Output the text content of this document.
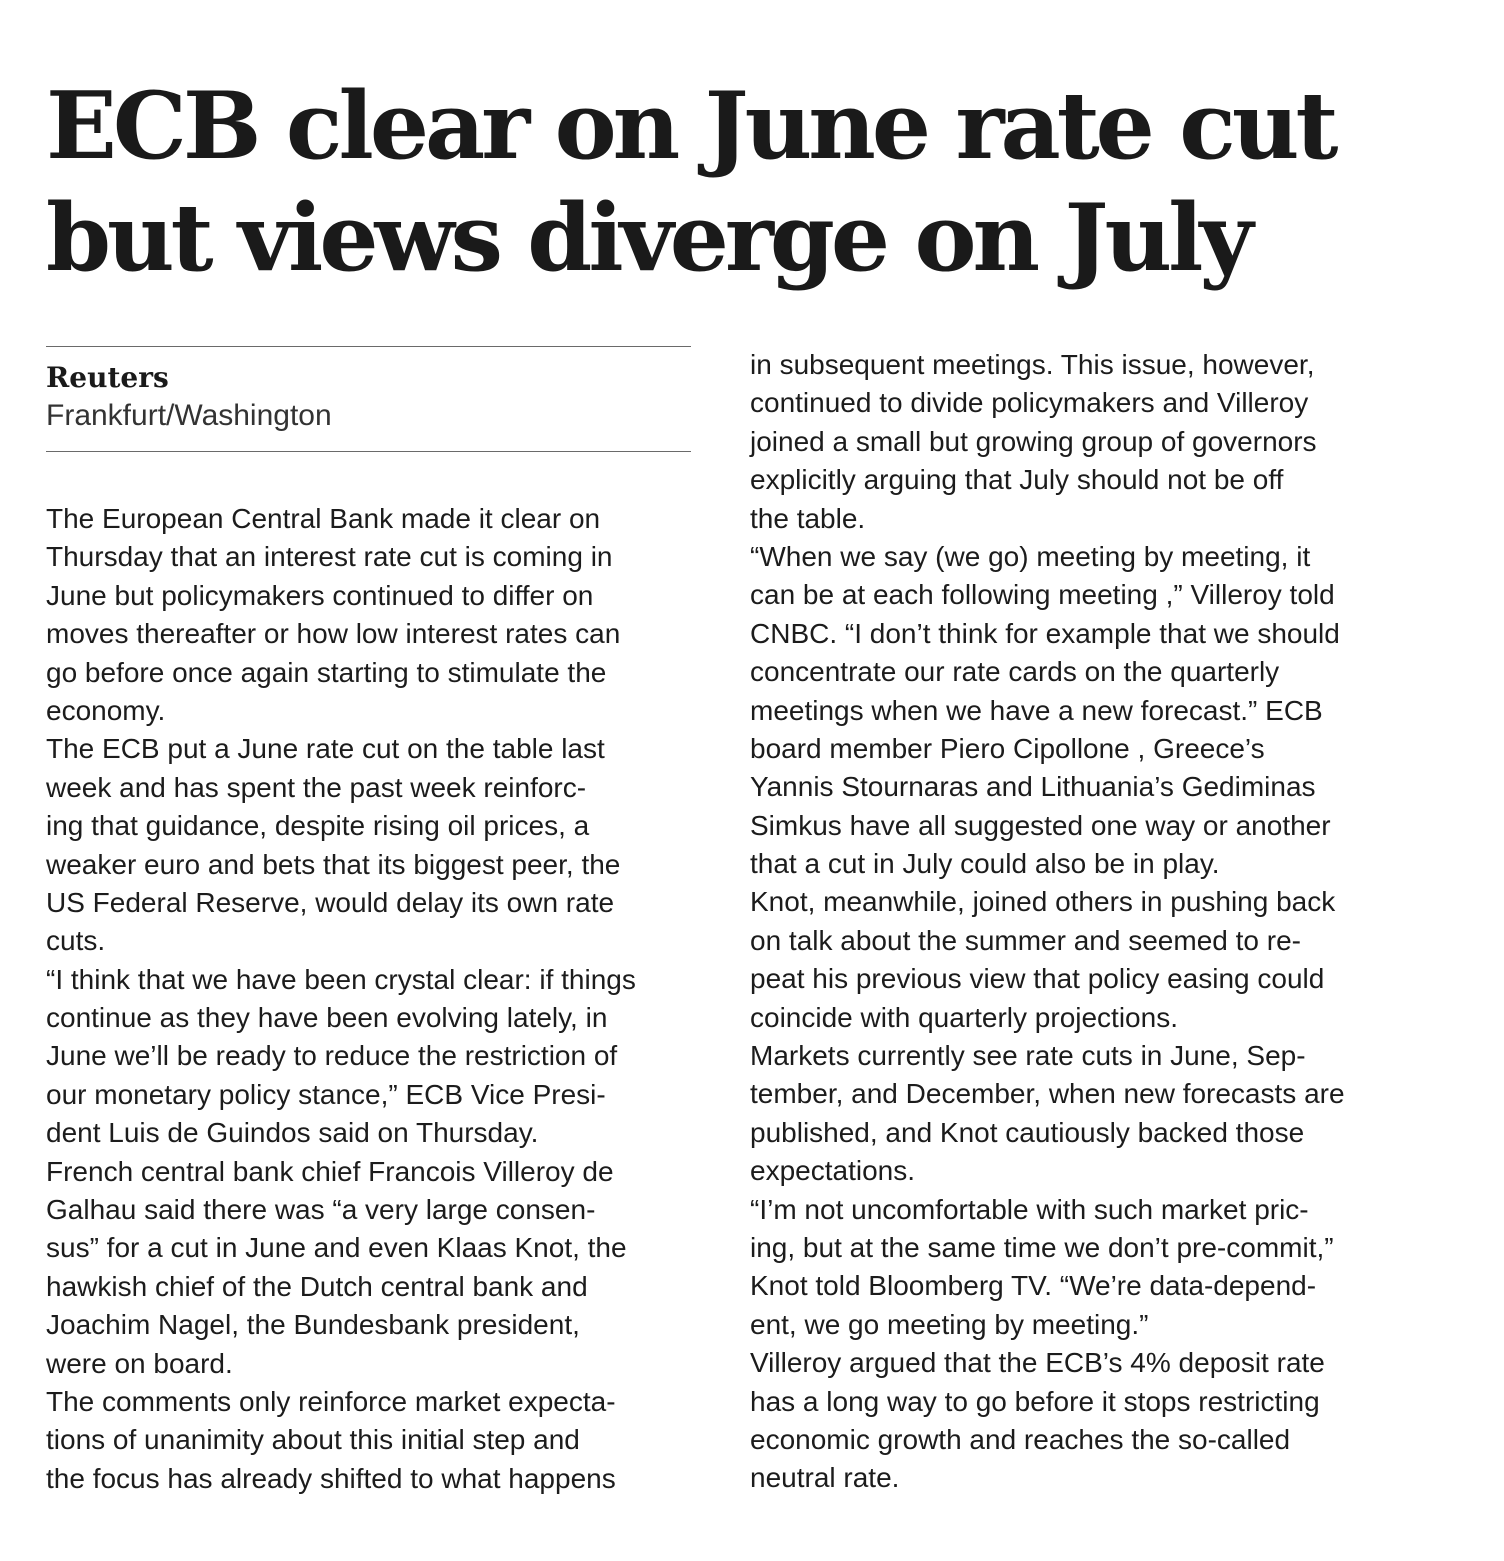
ECB clear on June rate cut
but views diverge on July
Reuters
Frankfurt/Washington
The European Central Bank made it clear on
Thursday that an interest rate cut is coming in
June but policymakers continued to differ on
moves thereafter or how low interest rates can
go before once again starting to stimulate the
economy.
The ECB put a June rate cut on the table last
week and has spent the past week reinforc-
ing that guidance, despite rising oil prices, a
weaker euro and bets that its biggest peer, the
US Federal Reserve, would delay its own rate
cuts.
“I think that we have been crystal clear: if things
continue as they have been evolving lately, in
June we’ll be ready to reduce the restriction of
our monetary policy stance,” ECB Vice Presi-
dent Luis de Guindos said on Thursday.
French central bank chief Francois Villeroy de
Galhau said there was “a very large consen-
sus” for a cut in June and even Klaas Knot, the
hawkish chief of the Dutch central bank and
Joachim Nagel, the Bundesbank president,
were on board.
The comments only reinforce market expecta-
tions of unanimity about this initial step and
the focus has already shifted to what happens
in subsequent meetings. This issue, however,
continued to divide policymakers and Villeroy
joined a small but growing group of governors
explicitly arguing that July should not be off
the table.
“When we say (we go) meeting by meeting, it
can be at each following meeting ,” Villeroy told
CNBC. “I don’t think for example that we should
concentrate our rate cards on the quarterly
meetings when we have a new forecast.” ECB
board member Piero Cipollone , Greece’s
Yannis Stournaras and Lithuania’s Gediminas
Simkus have all suggested one way or another
that a cut in July could also be in play.
Knot, meanwhile, joined others in pushing back
on talk about the summer and seemed to re-
peat his previous view that policy easing could
coincide with quarterly projections.
Markets currently see rate cuts in June, Sep-
tember, and December, when new forecasts are
published, and Knot cautiously backed those
expectations.
“I’m not uncomfortable with such market pric-
ing, but at the same time we don’t pre-commit,”
Knot told Bloomberg TV. “We’re data-depend-
ent, we go meeting by meeting.”
Villeroy argued that the ECB’s 4% deposit rate
has a long way to go before it stops restricting
economic growth and reaches the so-called
neutral rate.
